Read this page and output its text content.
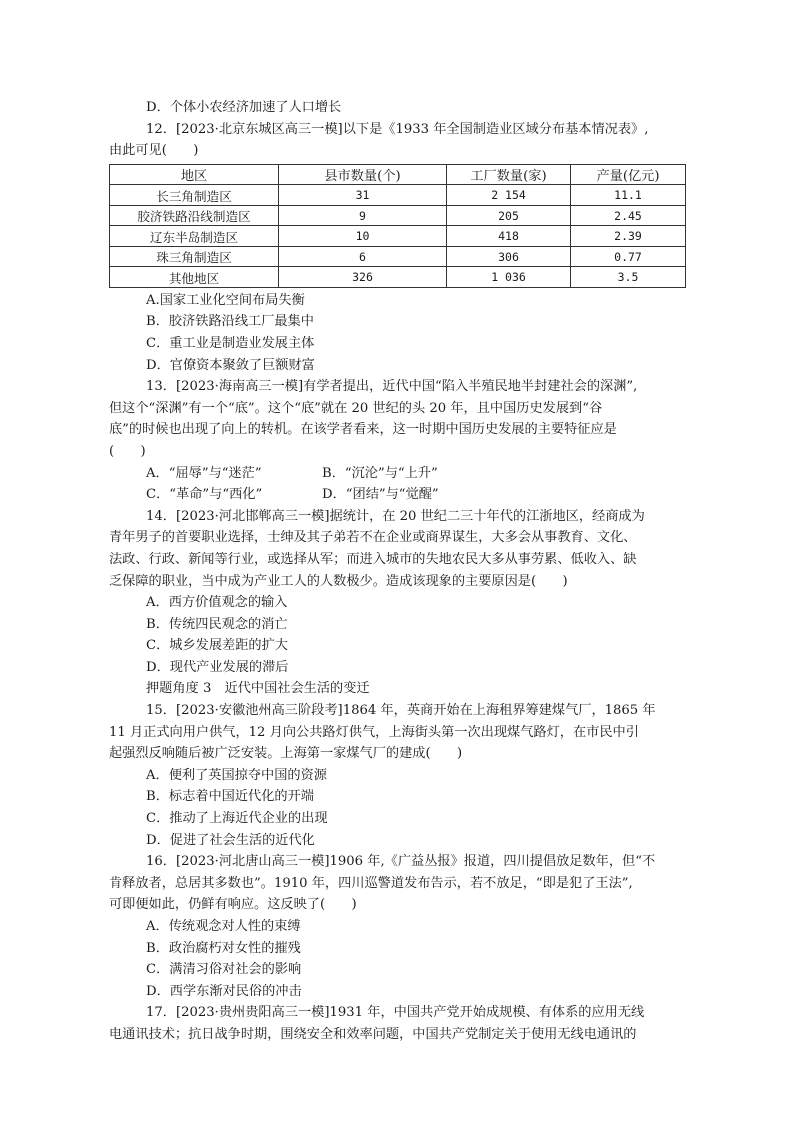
D．个体小农经济加速了人口增长
12．[2023·北京东城区高三一模]以下是《1933 年全国制造业区域分布基本情况表》,
由此可见(　　)
地区	县市数量(个)	工厂数量(家)	产量(亿元)
长三角制造区	31	2 154	11.1
胶济铁路沿线制造区	9	205	2.45
辽东半岛制造区	10	418	2.39
珠三角制造区	6	306	0.77
其他地区	326	1 036	3.5
A.国家工业化空间布局失衡
B．胶济铁路沿线工厂最集中
C．重工业是制造业发展主体
D．官僚资本聚敛了巨额财富
13．[2023·海南高三一模]有学者提出，近代中国“陷入半殖民地半封建社会的深渊”,
但这个“深渊”有一个“底”。这个“底”就在 20 世纪的头 20 年，且中国历史发展到“谷
底”的时候也出现了向上的转机。在该学者看来，这一时期中国历史发展的主要特征应是
(　　)
A．“屈辱”与“迷茫”	B．“沉沦”与“上升”
C．“革命”与“西化”	D．“团结”与“觉醒”
14．[2023·河北邯郸高三一模]据统计，在 20 世纪二三十年代的江浙地区，经商成为
青年男子的首要职业选择，士绅及其子弟若不在企业或商界谋生，大多会从事教育、文化、
法政、行政、新闻等行业，或选择从军；而进入城市的失地农民大多从事劳累、低收入、缺
乏保障的职业，当中成为产业工人的人数极少。造成该现象的主要原因是(　　)
A．西方价值观念的输入
B．传统四民观念的消亡
C．城乡发展差距的扩大
D．现代产业发展的滞后
押题角度 3　近代中国社会生活的变迁
15．[2023·安徽池州高三阶段考]1864 年，英商开始在上海租界筹建煤气厂，1865 年
11 月正式向用户供气，12 月向公共路灯供气，上海街头第一次出现煤气路灯，在市民中引
起强烈反响随后被广泛安装。上海第一家煤气厂的建成(　　)
A．便利了英国掠夺中国的资源
B．标志着中国近代化的开端
C．推动了上海近代企业的出现
D．促进了社会生活的近代化
16．[2023·河北唐山高三一模]1906 年,《广益丛报》报道，四川提倡放足数年，但“不
肯释放者，总居其多数也”。1910 年，四川巡警道发布告示，若不放足，“即是犯了王法”,
可即便如此，仍鲜有响应。这反映了(　　)
A．传统观念对人性的束缚
B．政治腐朽对女性的摧残
C．满清习俗对社会的影响
D．西学东渐对民俗的冲击
17．[2023·贵州贵阳高三一模]1931 年，中国共产党开始成规模、有体系的应用无线
电通讯技术；抗日战争时期，围绕安全和效率问题，中国共产党制定关于使用无线电通讯的
